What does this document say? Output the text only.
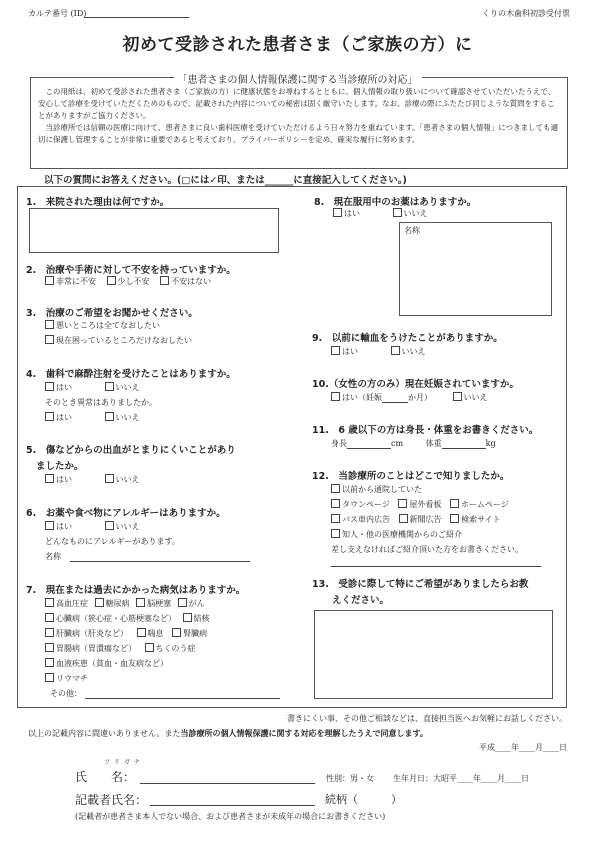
カルテ番号 (ID)	くりの木歯科初診受付票
初めて受診された患者さま（ご家族の方）に
「患者さまの個人情報保護に関する当診療所の対応」
この用紙は、初めて受診された患者さま（ご家族の方）に健康状態をお尋ねするとともに、個人情報の取り扱いについて確認させていただいたうえで、安心して診療を受けていただくためのもので、記載された内容についての秘密は固く厳守いたします。なお、診療の際にふたたび同じような質問をすることがありますがご協力ください。
当診療所では信頼の医療に向けて、患者さまに良い歯科医療を受けていただけるよう日々努力を重ねています。「患者さまの個人情報」につきましても適切に保護し管理することが非常に重要であると考えており、プライバーポリシーを定め、確実な履行に努めます。
以下の質問にお答えください。(□には✓印、または______に直接記入してください。)
1.　来院された理由は何ですか。
2.　治療や手術に対して不安を持っていますか。
非常に不安	少し不安	不安はない
3.　治療のご希望をお聞かせください。
悪いところは全てなおしたい
現在困っているところだけなおしたい
4.　歯科で麻酔注射を受けたことはありますか。
はい	いいえ
そのとき異常はありましたか。
はい	いいえ
5.　傷などからの出血がとまりにくいことがあり
ましたか。
はい	いいえ
6.　お薬や食べ物にアレルギーはありますか。
はい	いいえ
どんなものにアレルギーがあります。
名称
7.　現在または過去にかかった病気はありますか。
高血圧症 糖尿病 脳梗塞 がん
心臓病（狭心症・心筋梗塞など） 結核
肝臓病（肝炎など） 喘息 腎臓病
胃腸病（胃潰瘍など） ちくのう症
血液疾患（貧血・血友病など）
リウマチ
その他：
8.　現在服用中のお薬はありますか。
はい	いいえ
名称
9.　以前に輸血をうけたことがありますか。
はい	いいえ
10.（女性の方のみ）現在妊娠されていますか。
はい（妊娠	か月）	いいえ
11.　6 歳以下の方は身長・体重をお書きください。
身長	cm	体重	kg
12.　当診療所のことはどこで知りましたか。
以前から通院していた
タウンページ 屋外看板 ホームページ
バス車内広告 新聞広告 検索サイト
知人・他の医療機関からのご紹介
差し支えなければご紹介頂いた方をお書きください。
13.　受診に際して特にご希望がありましたらお教
えください。
書きにくい事、その他ご相談などは、直接担当医へお気軽にお話しください。
以上の記載内容に間違いありません。また当診療所の個人情報保護に関する対応を理解したうえで同意します。
平成____年____月____日
フ リ ガ ナ
氏　　名：	性別：男・女 生年月日：大昭平____年____月____日
記載者氏名：	続柄（　　　）
(記載者が患者さま本人でない場合、および患者さまが未成年の場合にお書きください)
